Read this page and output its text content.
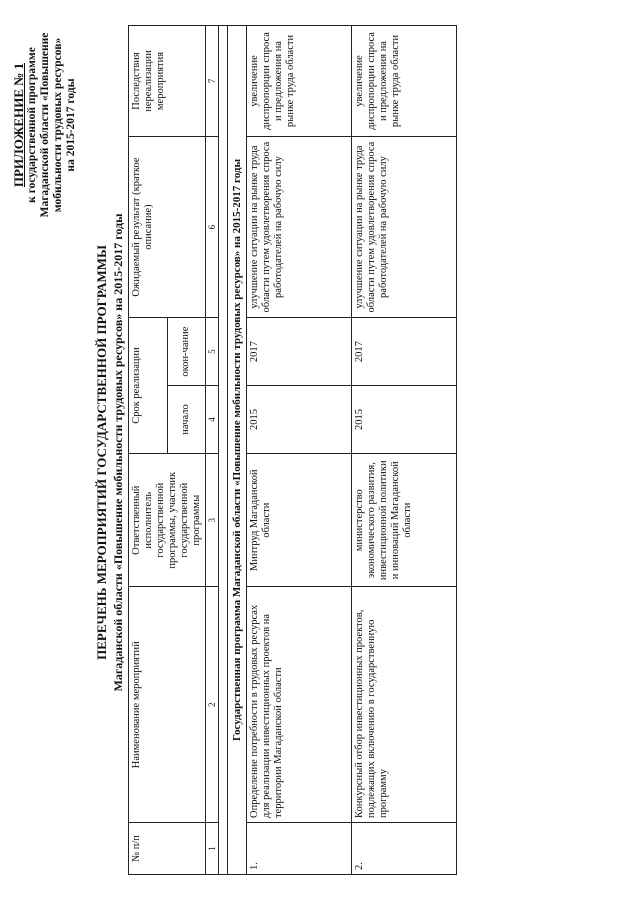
ПРИЛОЖЕНИЕ № 1 к государственной программе Магаданской области «Повышение мобильности трудовых ресурсов» на 2015-2017 годы
ПЕРЕЧЕНЬ МЕРОПРИЯТИЙ ГОСУДАРСТВЕННОЙ ПРОГРАММЫ Магаданской области «Повышение мобильности трудовых ресурсов» на 2015-2017 годы
№ п/п	Наименование мероприятий	Ответственный исполнитель государственной программы, участник государственной программы	Срок реализации		Ожидаемый результат (краткое описание)	Последствия нереализации мероприятия
			начало	окон-чание		
1	2	3	4	5	6	7

Государственная программа Магаданской области «Повышение мобильности трудовых ресурсов» на 2015-2017 годы						
1.	Определение потребности в трудовых ресурсах для реализации инвестиционных проектов на территории Магаданской области	Минтруд Магаданской области	2015	2017	улучшение ситуации на рынке труда области путем удовлетворения спроса работодателей на рабочую силу	увеличение диспропорции спроса и предложения на рынке труда области
2.	Конкурсный отбор инвестиционных проектов, подлежащих включению в государственную программу	министерство экономического развития, инвестиционной политики и инноваций Магаданской области	2015	2017	улучшение ситуации на рынке труда области путем удовлетворения спроса работодателей на рабочую силу	увеличение диспропорции спроса и предложения на рынке труда области
